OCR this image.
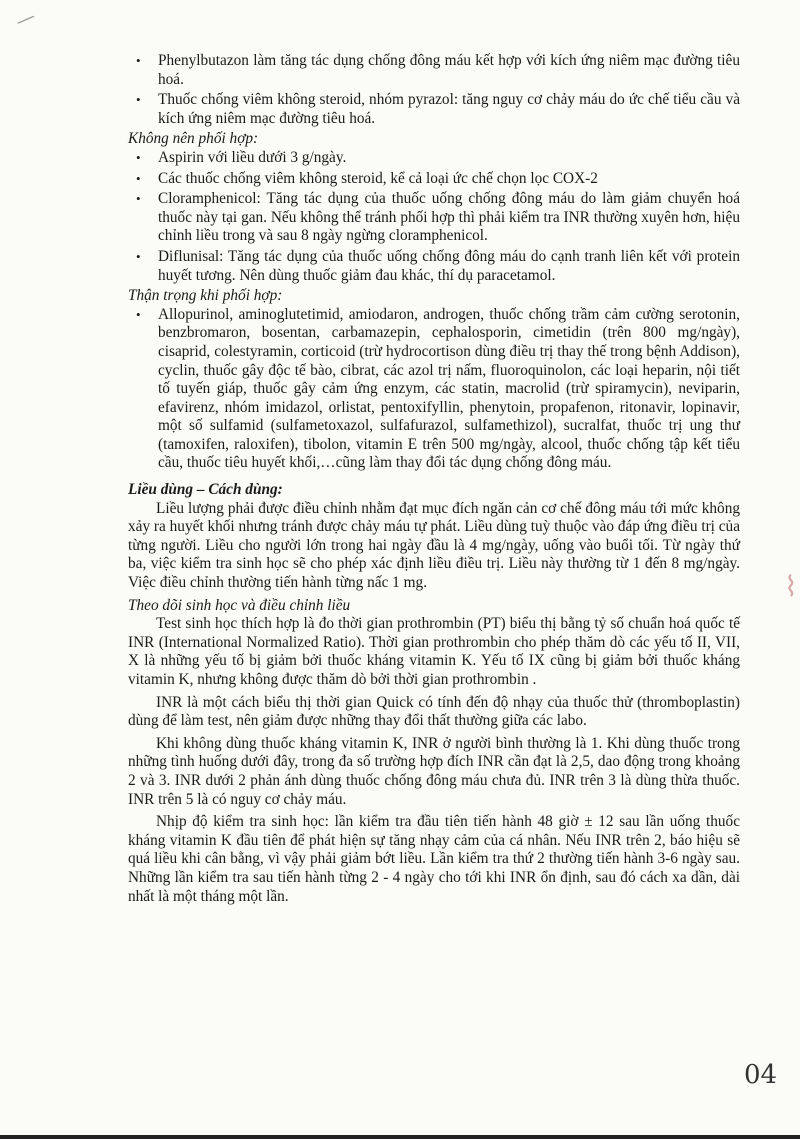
⁄
⌇
• Phenylbutazon làm tăng tác dụng chống đông máu kết hợp với kích ứng niêm mạc đường tiêu hoá.
• Thuốc chống viêm không steroid, nhóm pyrazol: tăng nguy cơ chảy máu do ức chế tiểu cầu và kích ứng niêm mạc đường tiêu hoá.

Không nên phối hợp:

• Aspirin với liều dưới 3 g/ngày.
• Các thuốc chống viêm không steroid, kể cả loại ức chế chọn lọc COX-2
• Cloramphenicol: Tăng tác dụng của thuốc uống chống đông máu do làm giảm chuyển hoá thuốc này tại gan. Nếu không thể tránh phối hợp thì phải kiểm tra INR thường xuyên hơn, hiệu chỉnh liều trong và sau 8 ngày ngừng cloramphenicol.
• Diflunisal: Tăng tác dụng của thuốc uống chống đông máu do cạnh tranh liên kết với protein huyết tương. Nên dùng thuốc giảm đau khác, thí dụ paracetamol.

Thận trọng khi phối hợp:

• Allopurinol, aminoglutetimid, amiodaron, androgen, thuốc chống trầm cảm cường serotonin, benzbromaron, bosentan, carbamazepin, cephalosporin, cimetidin (trên 800 mg/ngày), cisaprid, colestyramin, corticoid (trừ hydrocortison dùng điều trị thay thế trong bệnh Addison), cyclin, thuốc gây độc tế bào, cibrat, các azol trị nấm, fluoroquinolon, các loại heparin, nội tiết tố tuyến giáp, thuốc gây cảm ứng enzym, các statin, macrolid (trừ spiramycin), neviparin, efavirenz, nhóm imidazol, orlistat, pentoxifyllin, phenytoin, propafenon, ritonavir, lopinavir, một số sulfamid (sulfametoxazol, sulfafurazol, sulfamethizol), sucralfat, thuốc trị ung thư (tamoxifen, raloxifen), tibolon, vitamin E trên 500 mg/ngày, alcool, thuốc chống tập kết tiểu cầu, thuốc tiêu huyết khối,…cũng làm thay đổi tác dụng chống đông máu.

Liều dùng – Cách dùng:

Liều lượng phải được điều chỉnh nhằm đạt mục đích ngăn cản cơ chế đông máu tới mức không xảy ra huyết khối nhưng tránh được chảy máu tự phát. Liều dùng tuỳ thuộc vào đáp ứng điều trị của từng người. Liều cho người lớn trong hai ngày đầu là 4 mg/ngày, uống vào buổi tối. Từ ngày thứ ba, việc kiểm tra sinh học sẽ cho phép xác định liều điều trị. Liều này thường từ 1 đến 8 mg/ngày. Việc điều chỉnh thường tiến hành từng nấc 1 mg.

Theo dõi sinh học và điều chỉnh liều

Test sinh học thích hợp là đo thời gian prothrombin (PT) biểu thị bằng tỷ số chuẩn hoá quốc tế INR (International Normalized Ratio). Thời gian prothrombin cho phép thăm dò các yếu tố II, VII, X là những yếu tố bị giảm bởi thuốc kháng vitamin K. Yếu tố IX cũng bị giảm bởi thuốc kháng vitamin K, nhưng không được thăm dò bởi thời gian prothrombin .

INR là một cách biểu thị thời gian Quick có tính đến độ nhạy của thuốc thử (thromboplastin) dùng để làm test, nên giảm được những thay đổi thất thường giữa các labo.

Khi không dùng thuốc kháng vitamin K, INR ở người bình thường là 1. Khi dùng thuốc trong những tình huống dưới đây, trong đa số trường hợp đích INR cần đạt là 2,5, dao động trong khoảng 2 và 3. INR dưới 2 phản ánh dùng thuốc chống đông máu chưa đủ. INR trên 3 là dùng thừa thuốc. INR trên 5 là có nguy cơ chảy máu.

Nhịp độ kiểm tra sinh học: lần kiểm tra đầu tiên tiến hành 48 giờ ± 12 sau lần uống thuốc kháng vitamin K đầu tiên để phát hiện sự tăng nhạy cảm của cá nhân. Nếu INR trên 2, báo hiệu sẽ quá liều khi cân bằng, vì vậy phải giảm bớt liều. Lần kiểm tra thứ 2 thường tiến hành 3-6 ngày sau. Những lần kiểm tra sau tiến hành từng 2 - 4 ngày cho tới khi INR ổn định, sau đó cách xa dần, dài nhất là một tháng một lần.

04
